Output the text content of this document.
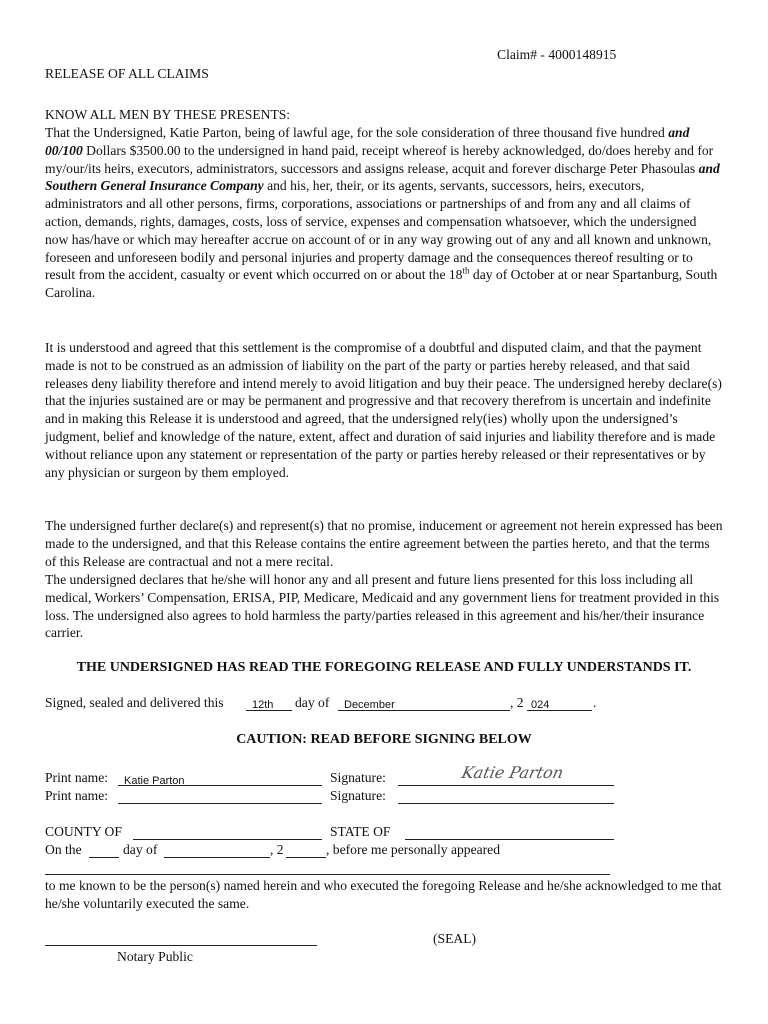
Claim# - 4000148915
RELEASE OF ALL CLAIMS
KNOW ALL MEN BY THESE PRESENTS:
That the Undersigned, Katie Parton, being of lawful age, for the sole consideration of three thousand five hundred and 00/100 Dollars $3500.00 to the undersigned in hand paid, receipt whereof is hereby acknowledged, do/does hereby and for my/our/its heirs, executors, administrators, successors and assigns release, acquit and forever discharge Peter Phasoulas and Southern General Insurance Company and his, her, their, or its agents, servants, successors, heirs, executors, administrators and all other persons, firms, corporations, associations or partnerships of and from any and all claims of action, demands, rights, damages, costs, loss of service, expenses and compensation whatsoever, which the undersigned now has/have or which may hereafter accrue on account of or in any way growing out of any and all known and unknown, foreseen and unforeseen bodily and personal injuries and property damage and the consequences thereof resulting or to result from the accident, casualty or event which occurred on or about the 18th day of October at or near Spartanburg, South Carolina.
It is understood and agreed that this settlement is the compromise of a doubtful and disputed claim, and that the payment made is not to be construed as an admission of liability on the part of the party or parties hereby released, and that said releases deny liability therefore and intend merely to avoid litigation and buy their peace. The undersigned hereby declare(s) that the injuries sustained are or may be permanent and progressive and that recovery therefrom is uncertain and indefinite and in making this Release it is understood and agreed, that the undersigned rely(ies) wholly upon the undersigned’s judgment, belief and knowledge of the nature, extent, affect and duration of said injuries and liability therefore and is made without reliance upon any statement or representation of the party or parties hereby released or their representatives or by any physician or surgeon by them employed.
The undersigned further declare(s) and represent(s) that no promise, inducement or agreement not herein expressed has been made to the undersigned, and that this Release contains the entire agreement between the parties hereto, and that the terms of this Release are contractual and not a mere recital.
The undersigned declares that he/she will honor any and all present and future liens presented for this loss including all medical, Workers’ Compensation, ERISA, PIP, Medicare, Medicaid and any government liens for treatment provided in this loss. The undersigned also agrees to hold harmless the party/parties released in this agreement and his/her/their insurance carrier.
THE UNDERSIGNED HAS READ THE FOREGOING RELEASE AND FULLY UNDERSTANDS IT.
Signed, sealed and delivered this	12th day of December	, 2 024	.
CAUTION: READ BEFORE SIGNING BELOW
Print name: Katie Parton	Signature:	Katie Parton
Print name:	Signature:
COUNTY OF	STATE OF
On the	day of	, 2	, before me personally appeared
to me known to be the person(s) named herein and who executed the foregoing Release and he/she acknowledged to me that he/she voluntarily executed the same.
(SEAL)
Notary Public
